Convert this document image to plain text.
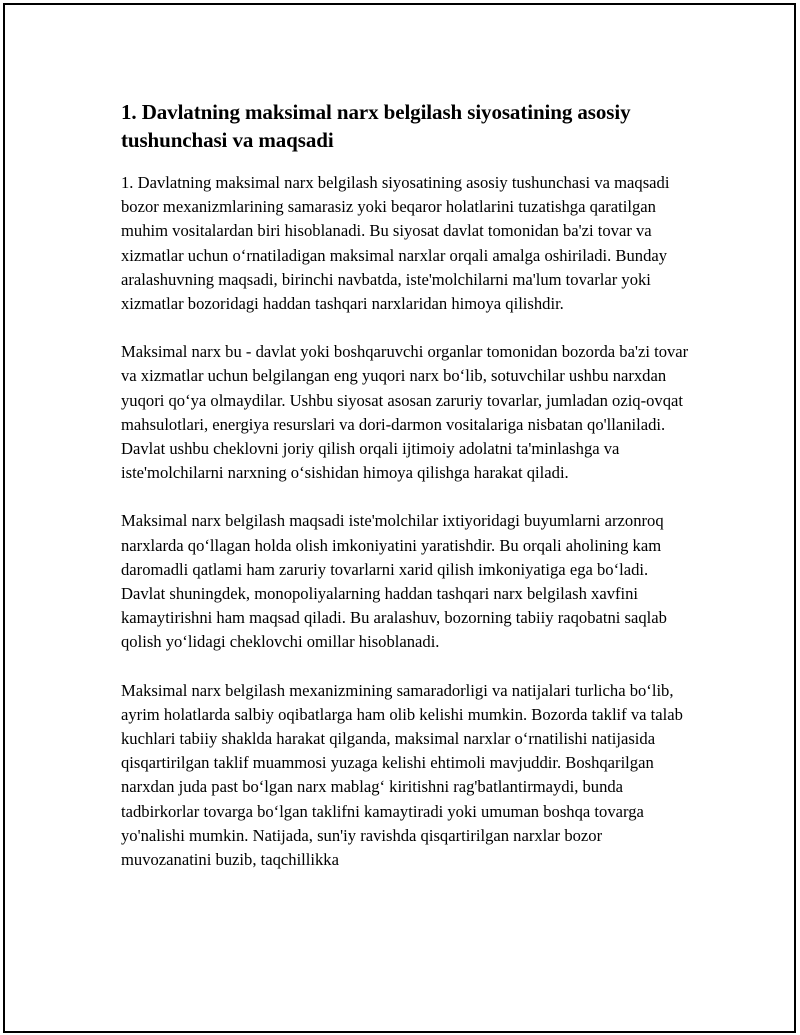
1. Davlatning maksimal narx belgilash siyosatining asosiy tushunchasi va maqsadi

1. Davlatning maksimal narx belgilash siyosatining asosiy tushunchasi va maqsadi bozor mexanizmlarining samarasiz yoki beqaror holatlarini tuzatishga qaratilgan muhim vositalardan biri hisoblanadi. Bu siyosat davlat tomonidan ba'zi tovar va xizmatlar uchun o‘rnatiladigan maksimal narxlar orqali amalga oshiriladi. Bunday aralashuvning maqsadi, birinchi navbatda, iste'molchilarni ma'lum tovarlar yoki xizmatlar bozoridagi haddan tashqari narxlaridan himoya qilishdir.

Maksimal narx bu - davlat yoki boshqaruvchi organlar tomonidan bozorda ba'zi tovar va xizmatlar uchun belgilangan eng yuqori narx bo‘lib, sotuvchilar ushbu narxdan yuqori qo‘ya olmaydilar. Ushbu siyosat asosan zaruriy tovarlar, jumladan oziq-ovqat mahsulotlari, energiya resurslari va dori-darmon vositalariga nisbatan qo'llaniladi. Davlat ushbu cheklovni joriy qilish orqali ijtimoiy adolatni ta'minlashga va iste'molchilarni narxning o‘sishidan himoya qilishga harakat qiladi.

Maksimal narx belgilash maqsadi iste'molchilar ixtiyoridagi buyumlarni arzonroq narxlarda qo‘llagan holda olish imkoniyatini yaratishdir. Bu orqali aholining kam daromadli qatlami ham zaruriy tovarlarni xarid qilish imkoniyatiga ega bo‘ladi. Davlat shuningdek, monopoliyalarning haddan tashqari narx belgilash xavfini kamaytirishni ham maqsad qiladi. Bu aralashuv, bozorning tabiiy raqobatni saqlab qolish yo‘lidagi cheklovchi omillar hisoblanadi.

Maksimal narx belgilash mexanizmining samaradorligi va natijalari turlicha bo‘lib, ayrim holatlarda salbiy oqibatlarga ham olib kelishi mumkin. Bozorda taklif va talab kuchlari tabiiy shaklda harakat qilganda, maksimal narxlar o‘rnatilishi natijasida qisqartirilgan taklif muammosi yuzaga kelishi ehtimoli mavjuddir. Boshqarilgan narxdan juda past bo‘lgan narx mablag‘ kiritishni rag'batlantirmaydi, bunda tadbirkorlar tovarga bo‘lgan taklifni kamaytiradi yoki umuman boshqa tovarga yo'nalishi mumkin. Natijada, sun'iy ravishda qisqartirilgan narxlar bozor muvozanatini buzib, taqchillikka
